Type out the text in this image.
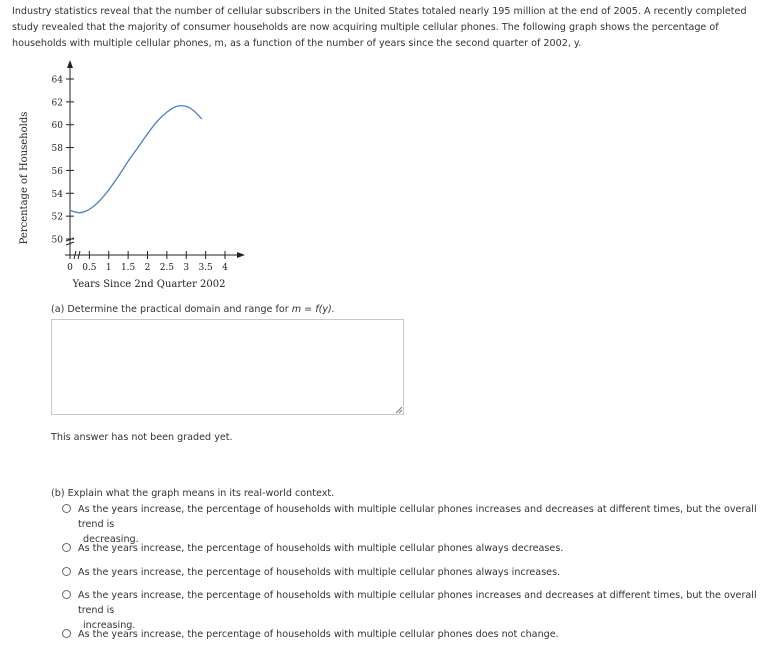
Industry statistics reveal that the number of cellular subscribers in the United States totaled nearly 195 million at the end of 2005. A recently completed study revealed that the majority of consumer households are now acquiring multiple cellular phones. The following graph shows the percentage of households with multiple cellular phones, m, as a function of the number of years since the second quarter of 2002, y.
50
52
54
56
58
60
62
64
0 0.5 1 1.5 2 2.5 3 3.5 4
Percentage of Households
Years Since 2nd Quarter 2002
(a) Determine the practical domain and range for m = f(y).
This answer has not been graded yet.
(b) Explain what the graph means in its real-world context.
As the years increase, the percentage of households with multiple cellular phones increases and decreases at different times, but the overall trend is
decreasing.
As the years increase, the percentage of households with multiple cellular phones always decreases.
As the years increase, the percentage of households with multiple cellular phones always increases.
As the years increase, the percentage of households with multiple cellular phones increases and decreases at different times, but the overall trend is
increasing.
As the years increase, the percentage of households with multiple cellular phones does not change.
